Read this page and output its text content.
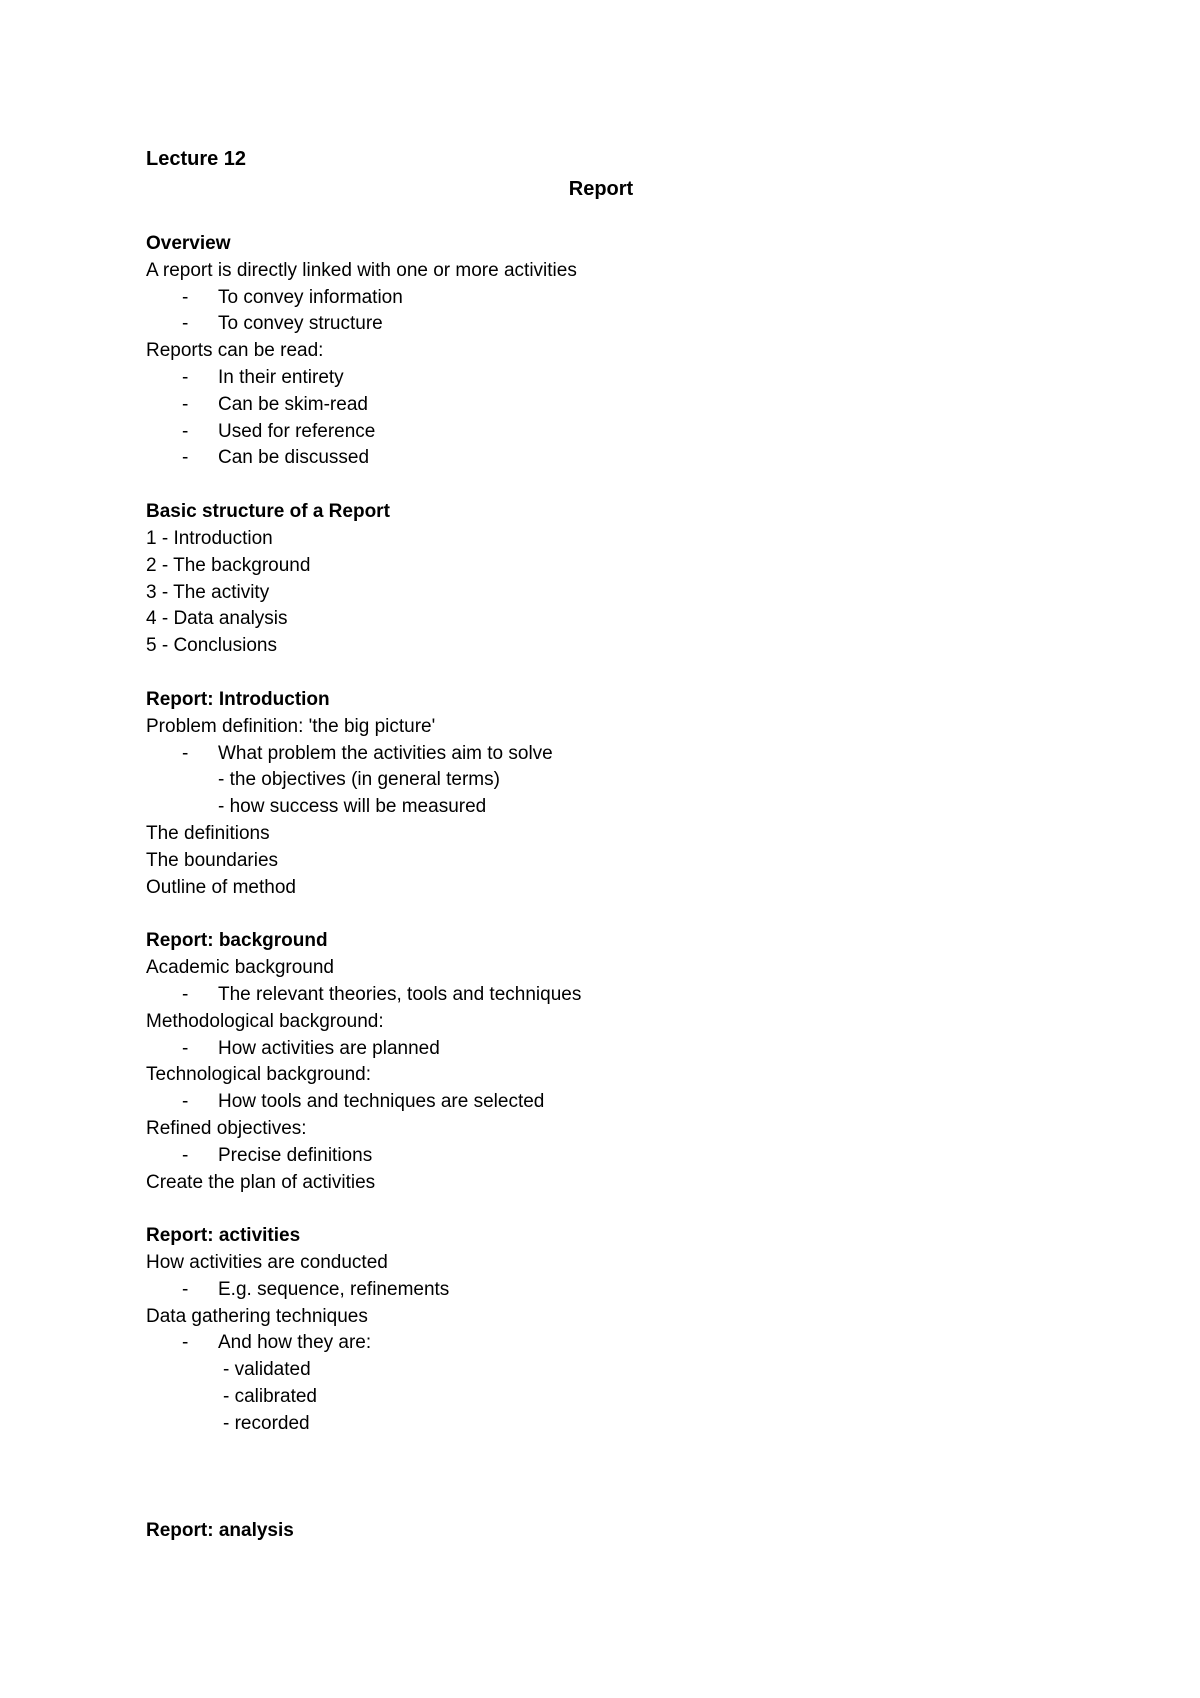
Lecture 12
Report
Overview
A report is directly linked with one or more activities
- To convey information
- To convey structure
Reports can be read:
- In their entirety
- Can be skim-read
- Used for reference
- Can be discussed
Basic structure of a Report
1 - Introduction
2 - The background
3 - The activity
4 - Data analysis
5 - Conclusions
Report: Introduction
Problem definition: 'the big picture'
- What problem the activities aim to solve
- the objectives (in general terms)
- how success will be measured
The definitions
The boundaries
Outline of method
Report: background
Academic background
- The relevant theories, tools and techniques
Methodological background:
- How activities are planned
Technological background:
- How tools and techniques are selected
Refined objectives:
- Precise definitions
Create the plan of activities
Report: activities
How activities are conducted
- E.g. sequence, refinements
Data gathering techniques
- And how they are:
- validated
- calibrated
- recorded
Report: analysis
